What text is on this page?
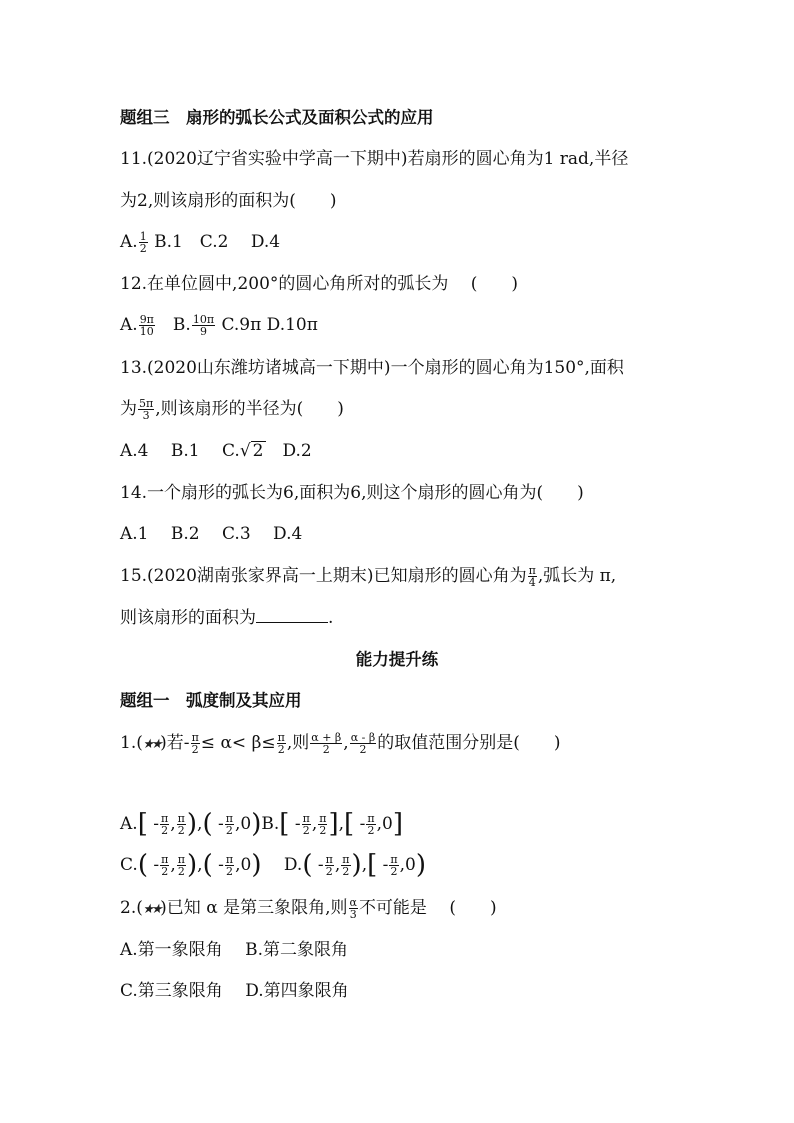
题组三　扇形的弧长公式及面积公式的应用
11.(2020辽宁省实验中学高一下期中)若扇形的圆心角为1 rad,半径
为2,则该扇形的面积为(　　)
A. $\frac{1}{2} B.1$　C.2　 D.4
12.在单位圆中,200°的圆心角所对的弧长为　 (　　)
A. $\frac{9\pi}{10}$ 　B. $\frac{10\pi}{9} C.9\pi$ D.10π
13.(2020山东潍坊诸城高一下期中)一个扇形的圆心角为150°,面积
为 $\frac{5\pi}{3}$ ,则该扇形的半径为(　　)
A.4　 B.1　 C.√ 2　D.2
14.一个扇形的弧长为6,面积为6,则这个扇形的圆心角为(　　)
A.1　 B.2　 C.3　 D.4
15.(2020湖南张家界高一上期末)已知扇形的圆心角为 $\frac{\pi}{4}$ ,弧长为 π,
则该扇形的面积为	.
能力提升练
题组一　弧度制及其应用
1.(★★)若- $\frac{\pi}{2} \le \alpha< \beta\le \frac{\pi}{2}$ ,则 $\frac{\alpha + \beta}{2}$ , $\frac{\alpha - \beta}{2}$ 的取值范围分别是(　　)
$A.[ - \frac{\pi}{2}$ , $\frac{\pi}{2}$ ),( - $\frac{\pi}{2} ,0)B.[ - \frac{\pi}{2}$ , $\frac{\pi}{2}$ ],[ - $\frac{\pi}{2} ,0$]
$C.( - \frac{\pi}{2}$ , $\frac{\pi}{2}$ ),( - $\frac{\pi}{2} ,0$)　 $D.( - \frac{\pi}{2}$ , $\frac{\pi}{2}$ ),[ - $\frac{\pi}{2} ,0$)
2.(★★)已知 α 是第三象限角,则 $\frac{\alpha}{3}$ 不可能是　 (　　)
A.第一象限角　 B.第二象限角
C.第三象限角　 D.第四象限角
